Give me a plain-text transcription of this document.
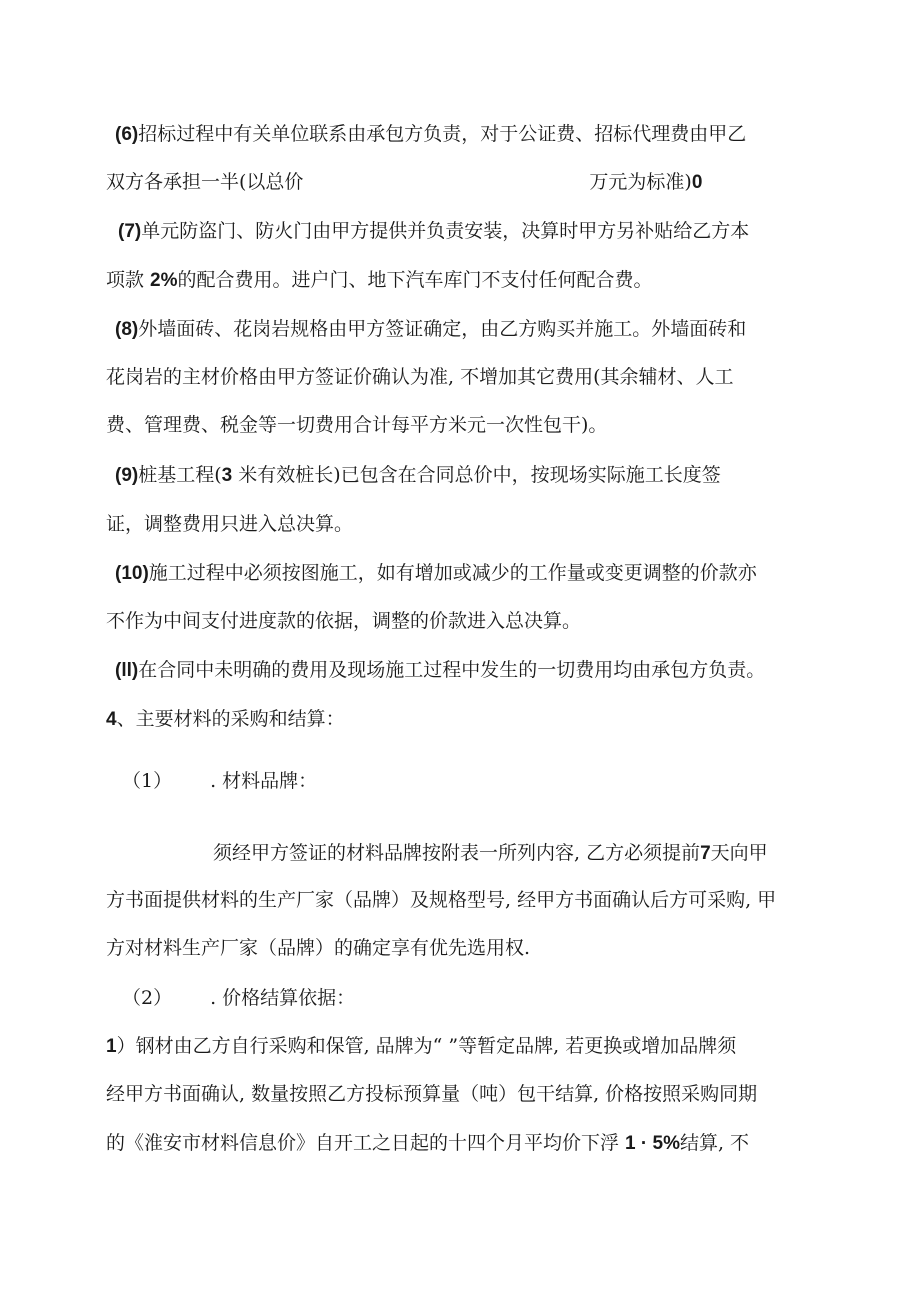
(6)招标过程中有关单位联系由承包方负责，对于公证费、招标代理费由甲乙
双方各承担一半(以总价	万元为标准)0
(7)单元防盗门、防火门由甲方提供并负责安装，决算时甲方另补贴给乙方本
项款 2%的配合费用。进户门、地下汽车库门不支付任何配合费。
(8)外墙面砖、花岗岩规格由甲方签证确定，由乙方购买并施工。外墙面砖和
花岗岩的主材价格由甲方签证价确认为准, 不增加其它费用(其余辅材、人工
费、管理费、税金等一切费用合计每平方米元一次性包干)。
(9)桩基工程(3 米有效桩长)已包含在合同总价中，按现场实际施工长度签
证，调整费用只进入总决算。
(10)施工过程中必须按图施工，如有增加或减少的工作量或变更调整的价款亦
不作为中间支付进度款的依据，调整的价款进入总决算。
(ll)在合同中未明确的费用及现场施工过程中发生的一切费用均由承包方负责。
4、主要材料的采购和结算：
（1） . 材料品牌：
须经甲方签证的材料品牌按附表一所列内容, 乙方必须提前7天向甲
方书面提供材料的生产厂家（品牌）及规格型号, 经甲方书面确认后方可采购, 甲
方对材料生产厂家（品牌）的确定享有优先选用权.
（2） . 价格结算依据：
1）钢材由乙方自行采购和保管, 品牌为“ ”等暂定品牌, 若更换或增加品牌须
经甲方书面确认, 数量按照乙方投标预算量（吨）包干结算, 价格按照采购同期
的《淮安市材料信息价》自开工之日起的十四个月平均价下浮 1 · 5%结算, 不
